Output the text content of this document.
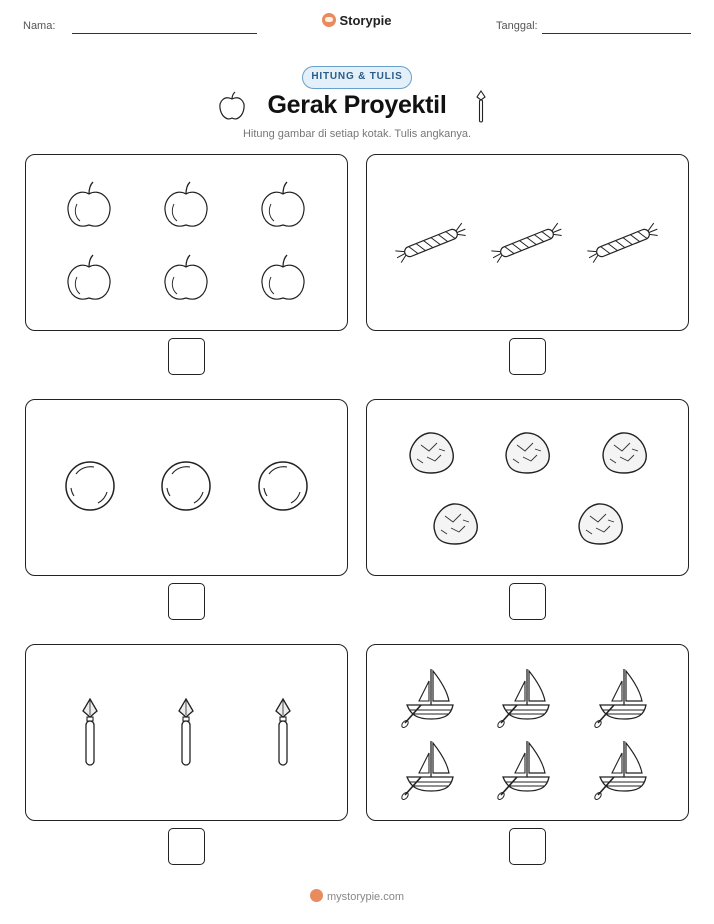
Nama:	Storypie	Tanggal:
HITUNG & TULIS
Gerak Proyektil
Hitung gambar di setiap kotak. Tulis angkanya.
mystorypie.com
